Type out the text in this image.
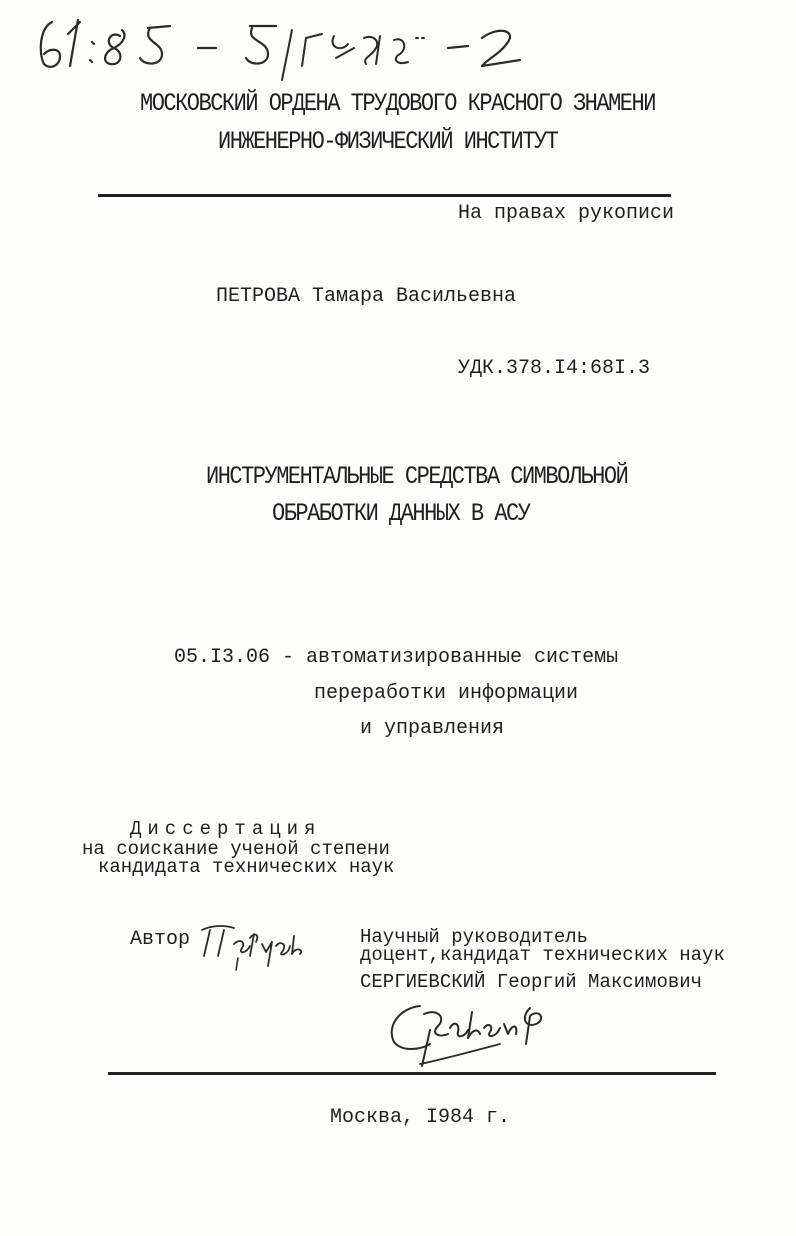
МОСКОВСКИЙ ОРДЕНА ТРУДОВОГО КРАСНОГО ЗНАМЕНИ
ИНЖЕНЕРНО-ФИЗИЧЕСКИЙ ИНСТИТУТ
На правах рукописи
ПЕТРОВА Тамара Васильевна
УДК.378.I4:68I.3
ИНСТРУМЕНТАЛЬНЫЕ СРЕДСТВА СИМВОЛЬНОЙ
ОБРАБОТКИ ДАННЫХ В АСУ
05.I3.06 - автоматизированные системы
переработки информации
и управления
Диссертация
на соискание ученой степени
кандидата технических наук
Автор	Научный руководитель
доцент,кандидат технических наук
СЕРГИЕВСКИЙ Георгий Максимович
Москва, I984 г.
